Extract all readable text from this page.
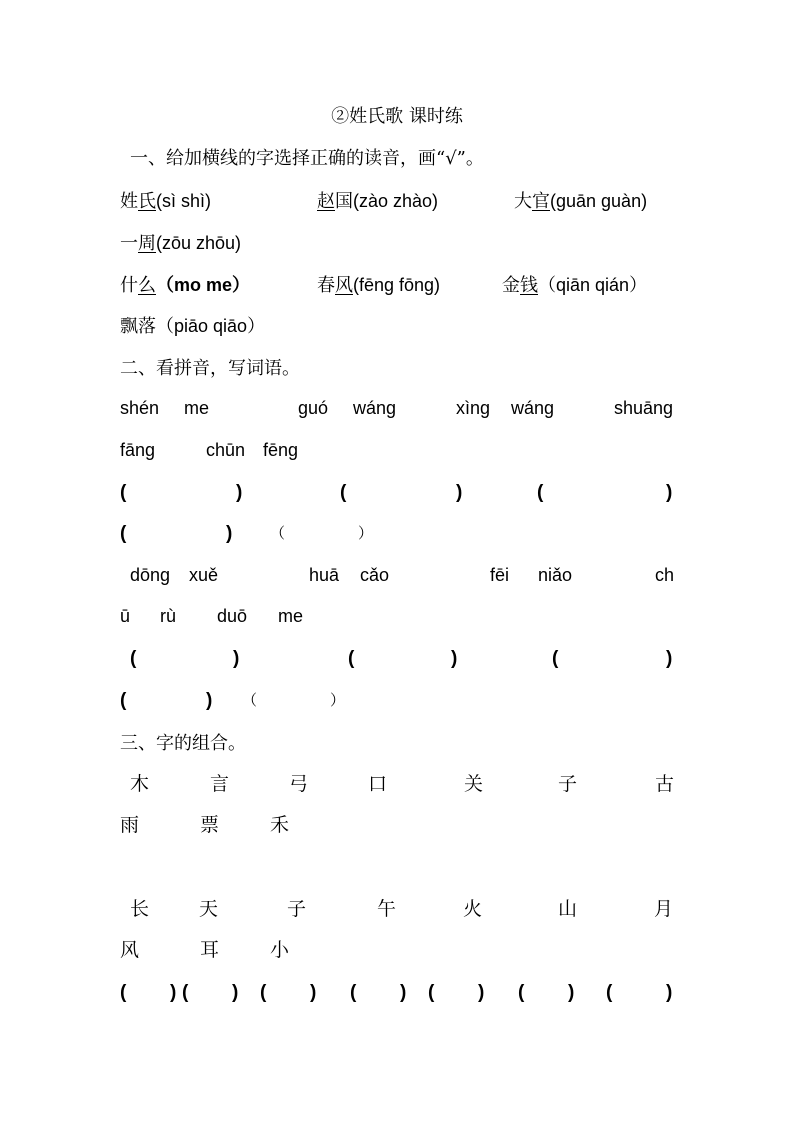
②姓氏歌 课时练
一、给加横线的字选择正确的读音，画“√”。
姓氏(sì shì)	赵国(zào zhào)	大官(guān guàn)
一周(zōu zhōu)
什么（mo me）	春风(fēng fōng)	金钱（qiān qián）
飘落（piāo qiāo）
二、看拼音，写词语。
shén me	guó wáng	xìng wáng	shuāng
fāng	chūn fēng
(	)	(	)	(	)
(	)	（	）
dōng xuě	huā cǎo	fēi niǎo	ch
ū rù duō me
(	)	(	)	(	)
(	) （	）
三、字的组合。
木	言	弓	口	关	子	古
雨	票	禾
长	天	子	午	火	山	月
风	耳	小
( ) ( ) ( ) ( ) ( ) ( ) (	)
